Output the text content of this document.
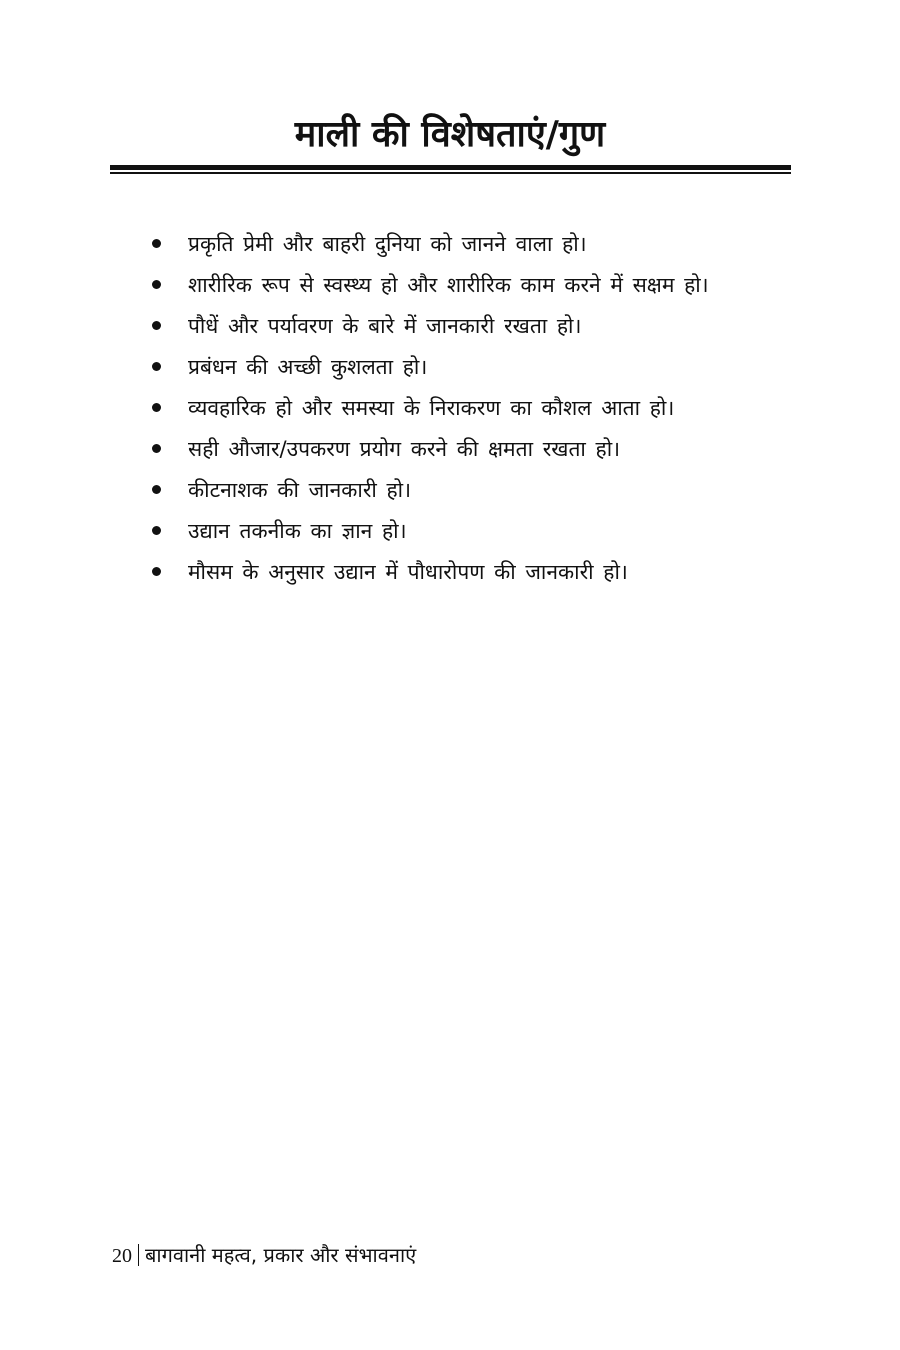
माली की विशेषताएं/गुण
प्रकृति प्रेमी और बाहरी दुनिया को जानने वाला हो।
शारीरिक रूप से स्वस्थ्य हो और शारीरिक काम करने में सक्षम हो।
पौधें और पर्यावरण के बारे में जानकारी रखता हो।
प्रबंधन की अच्छी कुशलता हो।
व्यवहारिक हो और समस्या के निराकरण का कौशल आता हो।
सही औजार/उपकरण प्रयोग करने की क्षमता रखता हो।
कीटनाशक की जानकारी हो।
उद्यान तकनीक का ज्ञान हो।
मौसम के अनुसार उद्यान में पौधारोपण की जानकारी हो।
20 बागवानी महत्व, प्रकार और संभावनाएं
